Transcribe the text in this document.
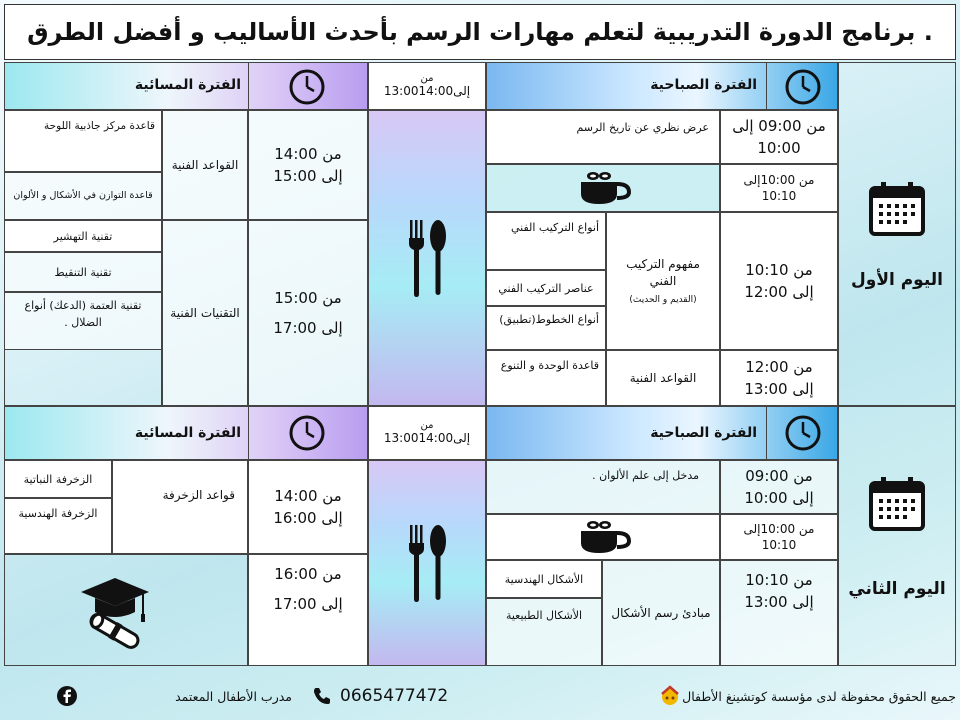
برنامج الدورة التدريبية لتعلم مهارات الرسم بأحدث الأساليب و أفضل الطرق .
اليوم الأول
الفترة الصباحية
من
13:00إلى14:00
الفترة المسائية
من 09:00 إلى
10:00
عرض نظري عن تاريخ الرسم
من 10:00إلى
10:10
من 10:10
إلى 12:00
مفهوم التركيب الفني
(القديم و الحديث)
أنواع التركيب الفني
عناصر التركيب الفني
أنواع الخطوط(تطبيق)
من 12:00
إلى 13:00
القواعد الفنية
قاعدة الوحدة و التنوع
من 14:00
إلى 15:00
القواعد الفنية
قاعدة مركز جاذبية اللوحة
قاعدة التوازن في الأشكال و الألوان
من 15:00
إلى 17:00
التقنيات الفنية
تقنية التهشير
تقنية التنقيط
تقنية العتمة (الدعك) أنواع الضلال .
اليوم الثاني
الفترة الصباحية
من
13:00إلى14:00
الفترة المسائية
من 09:00
إلى 10:00
مدخل إلى علم الألوان .
من 10:00إلى
10:10
من 10:10
إلى 13:00
مبادئ رسم الأشكال
الأشكال الهندسية
الأشكال الطبيعية
من 14:00
إلى 16:00
قواعد الزخرفة
الزخرفة النباتية
الزخرفة الهندسية
من 16:00
إلى 17:00
جميع الحقوق محفوظة لدى مؤسسة كوتشينغ الأطفال
0665477472
مدرب الأطفال المعتمد
